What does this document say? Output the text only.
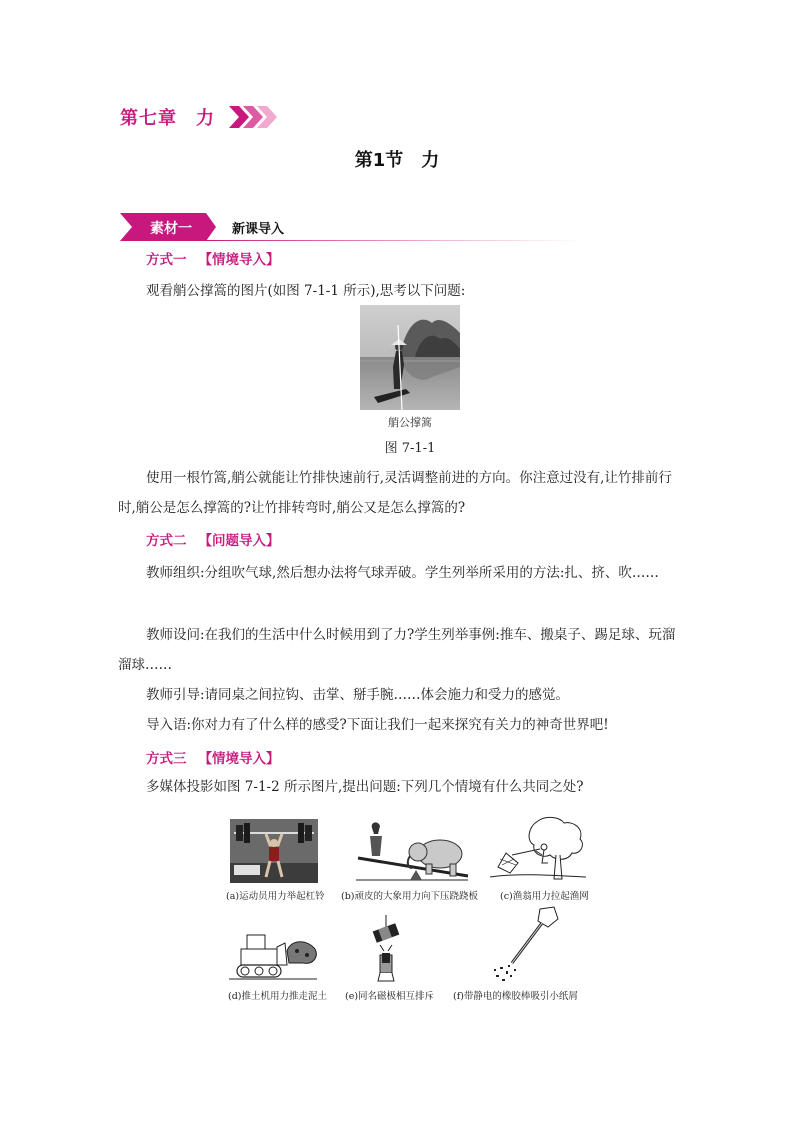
第七章　力
第1节　力
素材一	新课导入
方式一 【情境导入】
观看艄公撑篙的图片(如图 7-1-1 所示),思考以下问题:
艄公撑篙
图 7-1-1
使用一根竹篙,艄公就能让竹排快速前行,灵活调整前进的方向。你注意过没有,让竹排前行时,艄公是怎么撑篙的?让竹排转弯时,艄公又是怎么撑篙的?
方式二 【问题导入】
教师组织:分组吹气球,然后想办法将气球弄破。学生列举所采用的方法:扎、挤、吹……
教师设问:在我们的生活中什么时候用到了力?学生列举事例:推车、搬桌子、踢足球、玩溜溜球……
教师引导:请同桌之间拉钩、击掌、掰手腕……体会施力和受力的感觉。
导入语:你对力有了什么样的感受?下面让我们一起来探究有关力的神奇世界吧!
方式三 【情境导入】
多媒体投影如图 7-1-2 所示图片,提出问题:下列几个情境有什么共同之处?
(a)运动员用力举起杠铃 (b)顽皮的大象用力向下压跷跷板 (c)渔翁用力拉起渔网
(d)推土机用力推走泥土 (e)同名磁极相互排斥 (f)带静电的橡胶棒吸引小纸屑
